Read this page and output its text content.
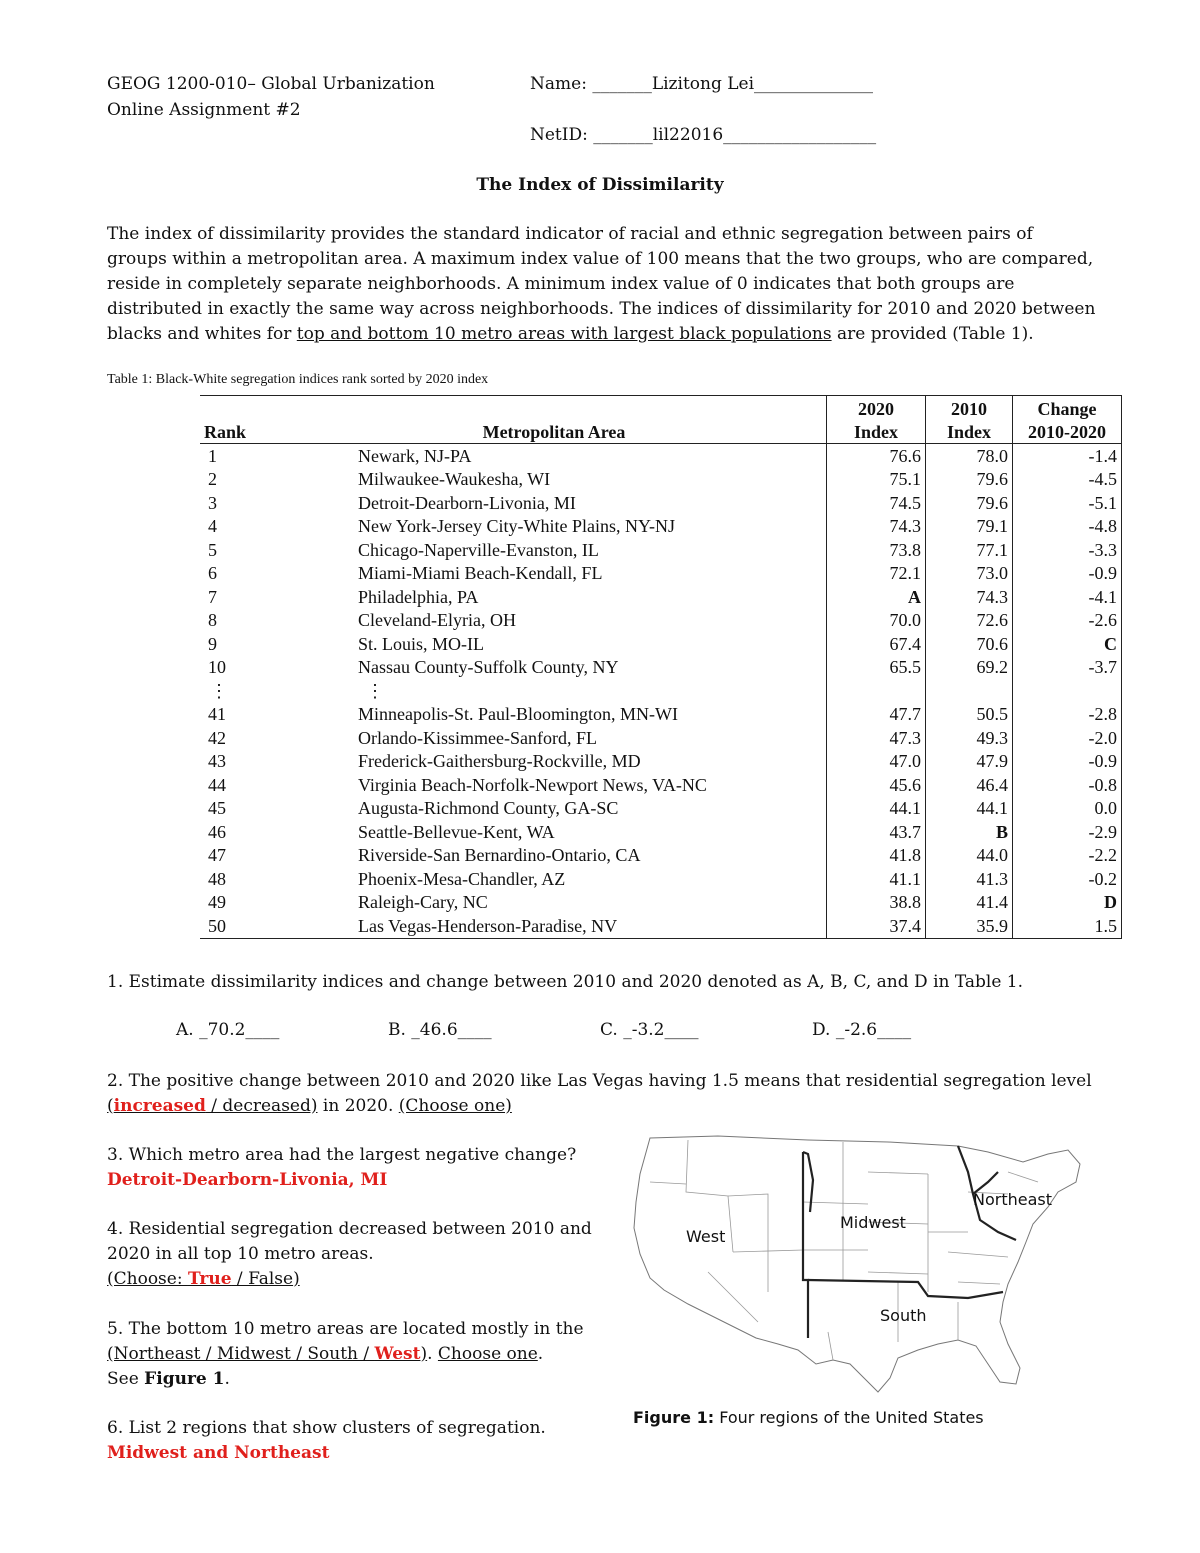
GEOG 1200-010– Global Urbanization
Online Assignment #2
Name: _______Lizitong Lei______________
NetID: _______lil22016__________________
The Index of Dissimilarity
The index of dissimilarity provides the standard indicator of racial and ethnic segregation between pairs of groups within a metropolitan area. A maximum index value of 100 means that the two groups, who are compared, reside in completely separate neighborhoods. A minimum index value of 0 indicates that both groups are distributed in exactly the same way across neighborhoods. The indices of dissimilarity for 2010 and 2020 between blacks and whites for top and bottom 10 metro areas with largest black populations are provided (Table 1).
Table 1: Black-White segregation indices rank sorted by 2020 index
Rank	Metropolitan Area	2020	2010	Change
		Index	Index	2010-2020
1	Newark, NJ-PA	76.6	78.0	-1.4
2	Milwaukee-Waukesha, WI	75.1	79.6	-4.5
3	Detroit-Dearborn-Livonia, MI	74.5	79.6	-5.1
4	New York-Jersey City-White Plains, NY-NJ	74.3	79.1	-4.8
5	Chicago-Naperville-Evanston, IL	73.8	77.1	-3.3
6	Miami-Miami Beach-Kendall, FL	72.1	73.0	-0.9
7	Philadelphia, PA	A	74.3	-4.1
8	Cleveland-Elyria, OH	70.0	72.6	-2.6
9	St. Louis, MO-IL	67.4	70.6	C
10	Nassau County-Suffolk County, NY	65.5	69.2	-3.7
⋮	⋮			
41	Minneapolis-St. Paul-Bloomington, MN-WI	47.7	50.5	-2.8
42	Orlando-Kissimmee-Sanford, FL	47.3	49.3	-2.0
43	Frederick-Gaithersburg-Rockville, MD	47.0	47.9	-0.9
44	Virginia Beach-Norfolk-Newport News, VA-NC	45.6	46.4	-0.8
45	Augusta-Richmond County, GA-SC	44.1	44.1	0.0
46	Seattle-Bellevue-Kent, WA	43.7	B	-2.9
47	Riverside-San Bernardino-Ontario, CA	41.8	44.0	-2.2
48	Phoenix-Mesa-Chandler, AZ	41.1	41.3	-0.2
49	Raleigh-Cary, NC	38.8	41.4	D
50	Las Vegas-Henderson-Paradise, NV	37.4	35.9	1.5
1. Estimate dissimilarity indices and change between 2010 and 2020 denoted as A, B, C, and D in Table 1.
A. _70.2____	B. _46.6____	C. _-3.2____	D. _-2.6____
2. The positive change between 2010 and 2020 like Las Vegas having 1.5 means that residential segregation level
(increased / decreased) in 2020. (Choose one)
3. Which metro area had the largest negative change?
Detroit-Dearborn-Livonia, MI
4. Residential segregation decreased between 2010 and 2020 in all top 10 metro areas.
(Choose: True / False)
5. The bottom 10 metro areas are located mostly in the
(Northeast / Midwest / South / West). Choose one.
See Figure 1.
6. List 2 regions that show clusters of segregation.
Midwest and Northeast
West
Midwest
Northeast
South
Figure 1: Four regions of the United States
